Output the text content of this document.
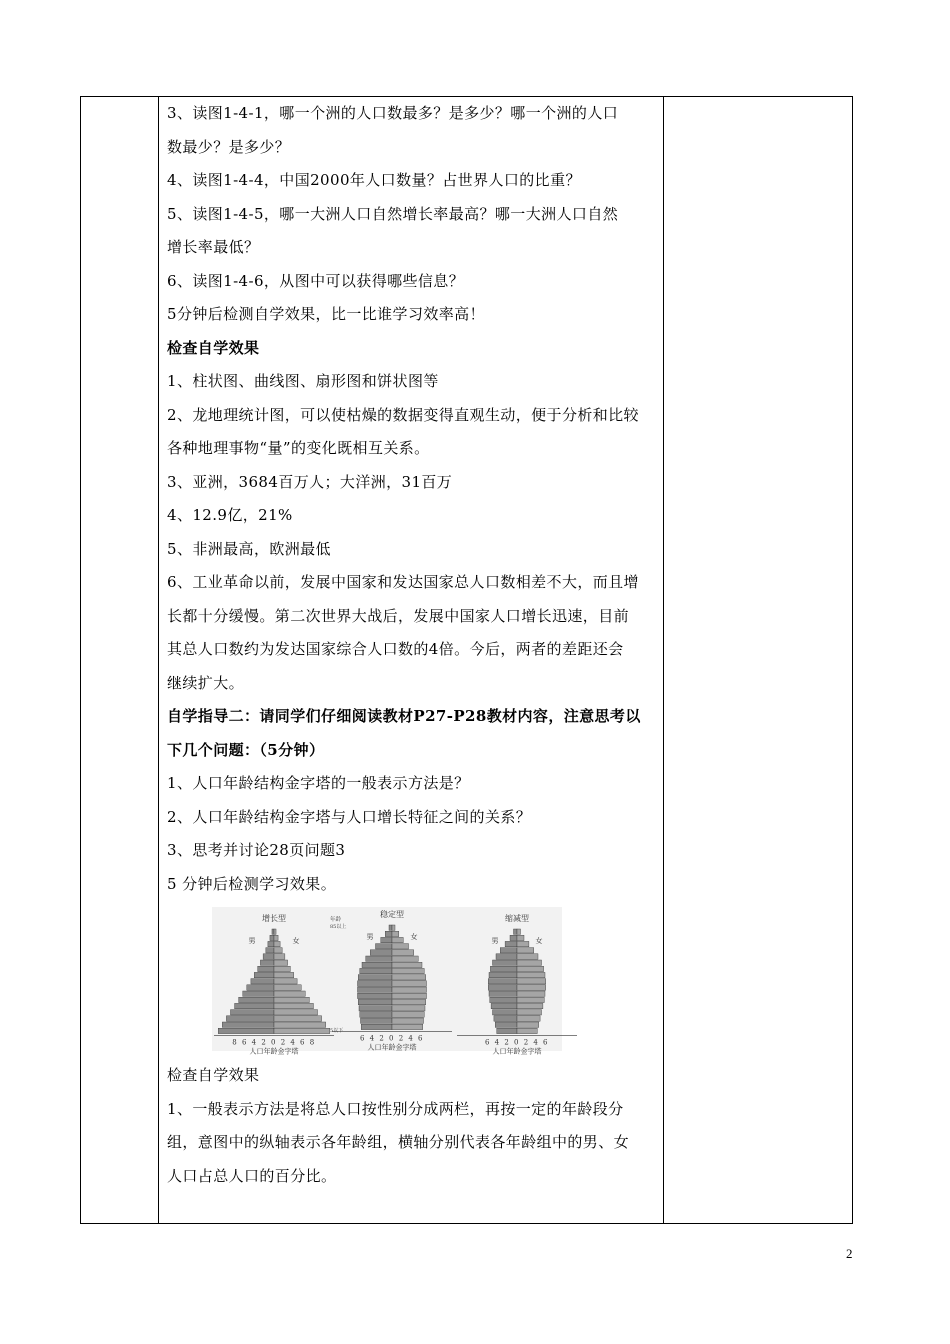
3、读图1-4-1，哪一个洲的人口数最多？是多少？哪一个洲的人口
数最少？是多少？
4、读图1-4-4，中国2000年人口数量？占世界人口的比重？
5、读图1-4-5，哪一大洲人口自然增长率最高？哪一大洲人口自然
增长率最低？
6、读图1-4-6，从图中可以获得哪些信息？
5分钟后检测自学效果，比一比谁学习效率高！
检查自学效果
1、柱状图、曲线图、扇形图和饼状图等
2、龙地理统计图，可以使枯燥的数据变得直观生动，便于分析和比较
各种地理事物“量”的变化既相互关系。
3、亚洲，3684百万人；大洋洲，31百万
4、12.9亿，21%
5、非洲最高，欧洲最低
6、工业革命以前，发展中国家和发达国家总人口数相差不大，而且增
长都十分缓慢。第二次世界大战后，发展中国家人口增长迅速，目前
其总人口数约为发达国家综合人口数的4倍。今后，两者的差距还会
继续扩大。
自学指导二：请同学们仔细阅读教材P27-P28教材内容，注意思考以
下几个问题：（5分钟）
1、人口年龄结构金字塔的一般表示方法是？
2、人口年龄结构金字塔与人口增长特征之间的关系？
3、思考并讨论28页问题3
5 分钟后检测学习效果。
增长型
男	女
8 6 4 2 0 2 4 6 8
人口年龄金字塔
稳定型
男	女
6 4 2 0 2 4 6
人口年龄金字塔
缩减型
男	女
6 4 2 0 2 4 6
人口年龄金字塔
年龄
85以上
5以下
检查自学效果
1、一般表示方法是将总人口按性别分成两栏，再按一定的年龄段分
组，意图中的纵轴表示各年龄组，横轴分别代表各年龄组中的男、女
人口占总人口的百分比。

2
